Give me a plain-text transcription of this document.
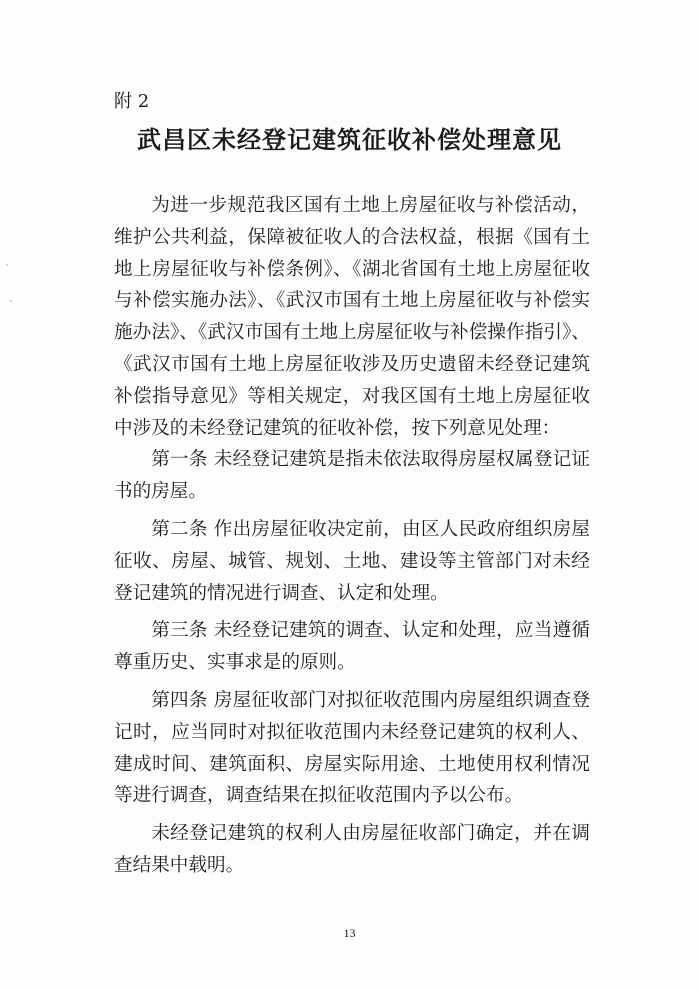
附 2
武昌区未经登记建筑征收补偿处理意见

为进一步规范我区国有土地上房屋征收与补偿活动，维护公共利益，保障被征收人的合法权益，根据《国有土地上房屋征收与补偿条例》、《湖北省国有土地上房屋征收与补偿实施办法》、《武汉市国有土地上房屋征收与补偿实施办法》、《武汉市国有土地上房屋征收与补偿操作指引》、《武汉市国有土地上房屋征收涉及历史遗留未经登记建筑补偿指导意见》等相关规定，对我区国有土地上房屋征收中涉及的未经登记建筑的征收补偿，按下列意见处理：

第一条 未经登记建筑是指未依法取得房屋权属登记证书的房屋。

第二条 作出房屋征收决定前，由区人民政府组织房屋征收、房屋、城管、规划、土地、建设等主管部门对未经登记建筑的情况进行调查、认定和处理。

第三条 未经登记建筑的调查、认定和处理，应当遵循尊重历史、实事求是的原则。

第四条 房屋征收部门对拟征收范围内房屋组织调查登记时，应当同时对拟征收范围内未经登记建筑的权利人、建成时间、建筑面积、房屋实际用途、土地使用权利情况等进行调查，调查结果在拟征收范围内予以公布。

未经登记建筑的权利人由房屋征收部门确定，并在调查结果中载明。

13
